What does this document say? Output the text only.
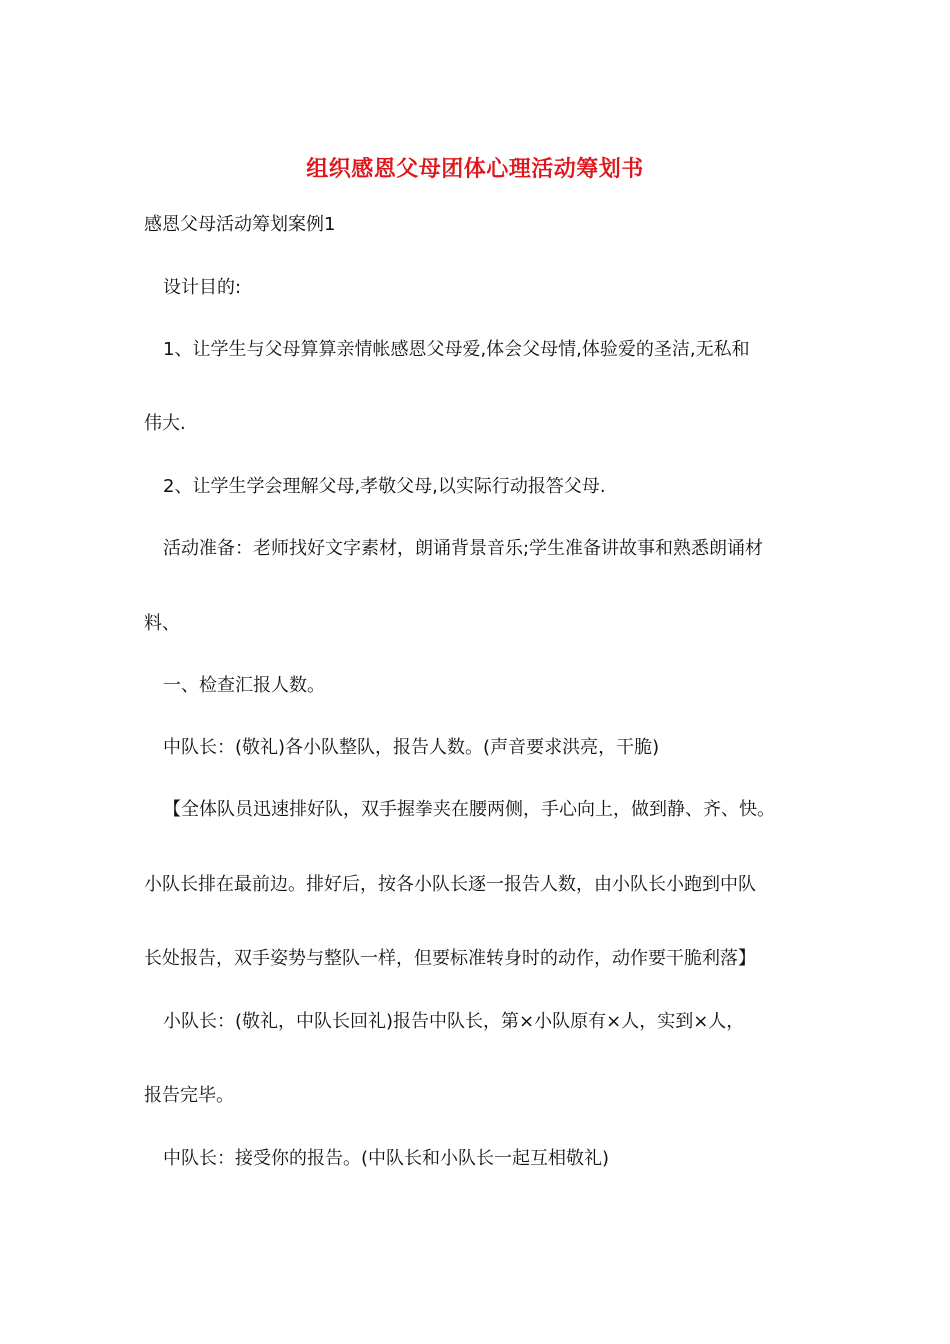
组织感恩父母团体心理活动筹划书
感恩父母活动筹划案例1
设计目的:
1、让学生与父母算算亲情帐感恩父母爱,体会父母情,体验爱的圣洁,无私和
伟大.
2、让学生学会理解父母,孝敬父母,以实际行动报答父母.
活动准备：老师找好文字素材，朗诵背景音乐;学生准备讲故事和熟悉朗诵材
料、
一、检查汇报人数。
中队长：(敬礼)各小队整队，报告人数。(声音要求洪亮，干脆)
【全体队员迅速排好队，双手握拳夹在腰两侧，手心向上，做到静、齐、快。
小队长排在最前边。排好后，按各小队长逐一报告人数，由小队长小跑到中队
长处报告，双手姿势与整队一样，但要标准转身时的动作，动作要干脆利落】
小队长：(敬礼，中队长回礼)报告中队长，第×小队原有×人，实到×人，
报告完毕。
中队长：接受你的报告。(中队长和小队长一起互相敬礼)
